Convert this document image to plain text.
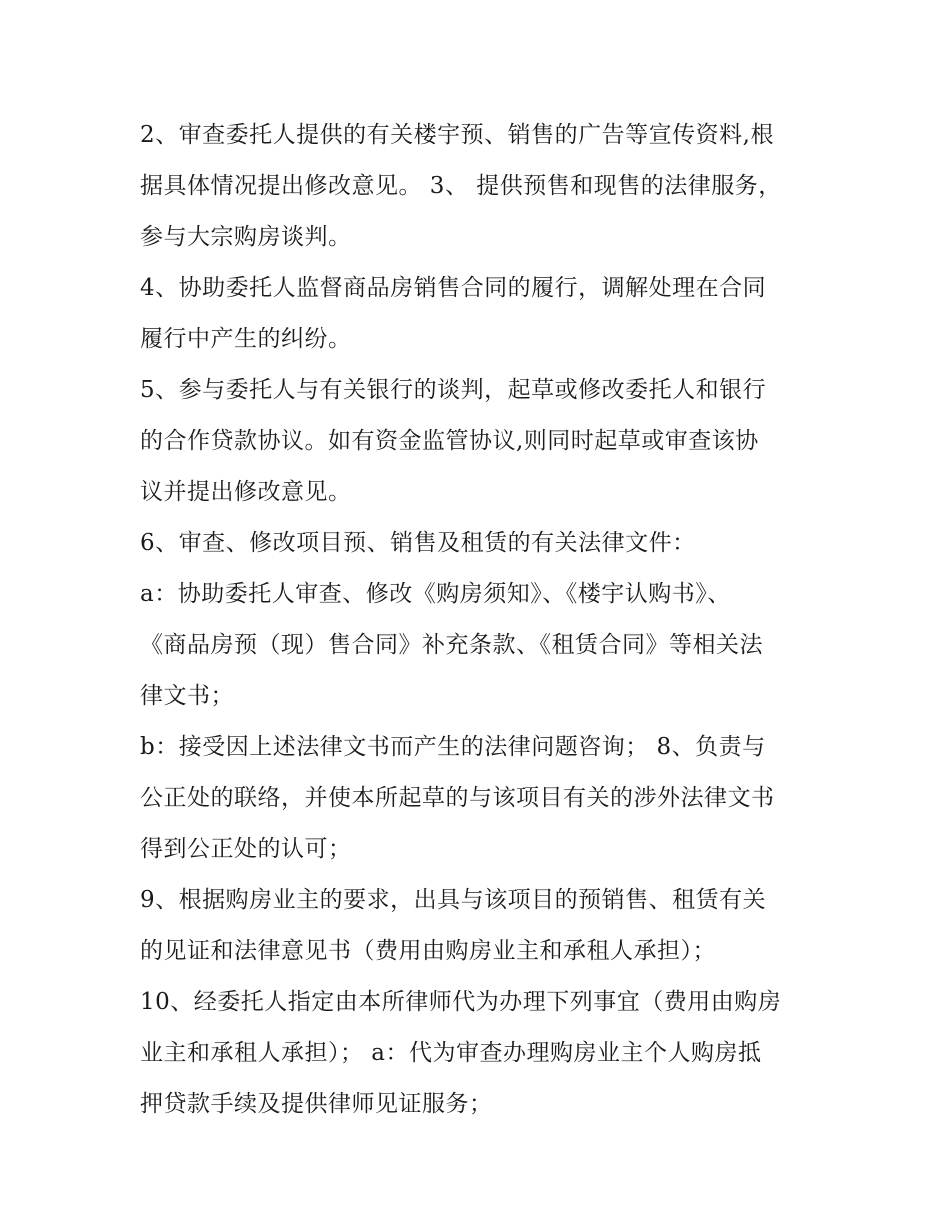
2、审查委托人提供的有关楼宇预、销售的广告等宣传资料,根
据具体情况提出修改意见。 3、 提供预售和现售的法律服务，
参与大宗购房谈判。
4、协助委托人监督商品房销售合同的履行，调解处理在合同
履行中产生的纠纷。
5、参与委托人与有关银行的谈判，起草或修改委托人和银行
的合作贷款协议。如有资金监管协议,则同时起草或审查该协
议并提出修改意见。
6、审查、修改项目预、销售及租赁的有关法律文件：
a：协助委托人审查、修改《购房须知》、《楼宇认购书》、
《商品房预（现）售合同》补充条款、《租赁合同》等相关法
律文书；
b：接受因上述法律文书而产生的法律问题咨询； 8、负责与
公正处的联络，并使本所起草的与该项目有关的涉外法律文书
得到公正处的认可；
9、根据购房业主的要求，出具与该项目的预销售、租赁有关
的见证和法律意见书（费用由购房业主和承租人承担）；
10、经委托人指定由本所律师代为办理下列事宜（费用由购房
业主和承租人承担）； a：代为审查办理购房业主个人购房抵
押贷款手续及提供律师见证服务；
